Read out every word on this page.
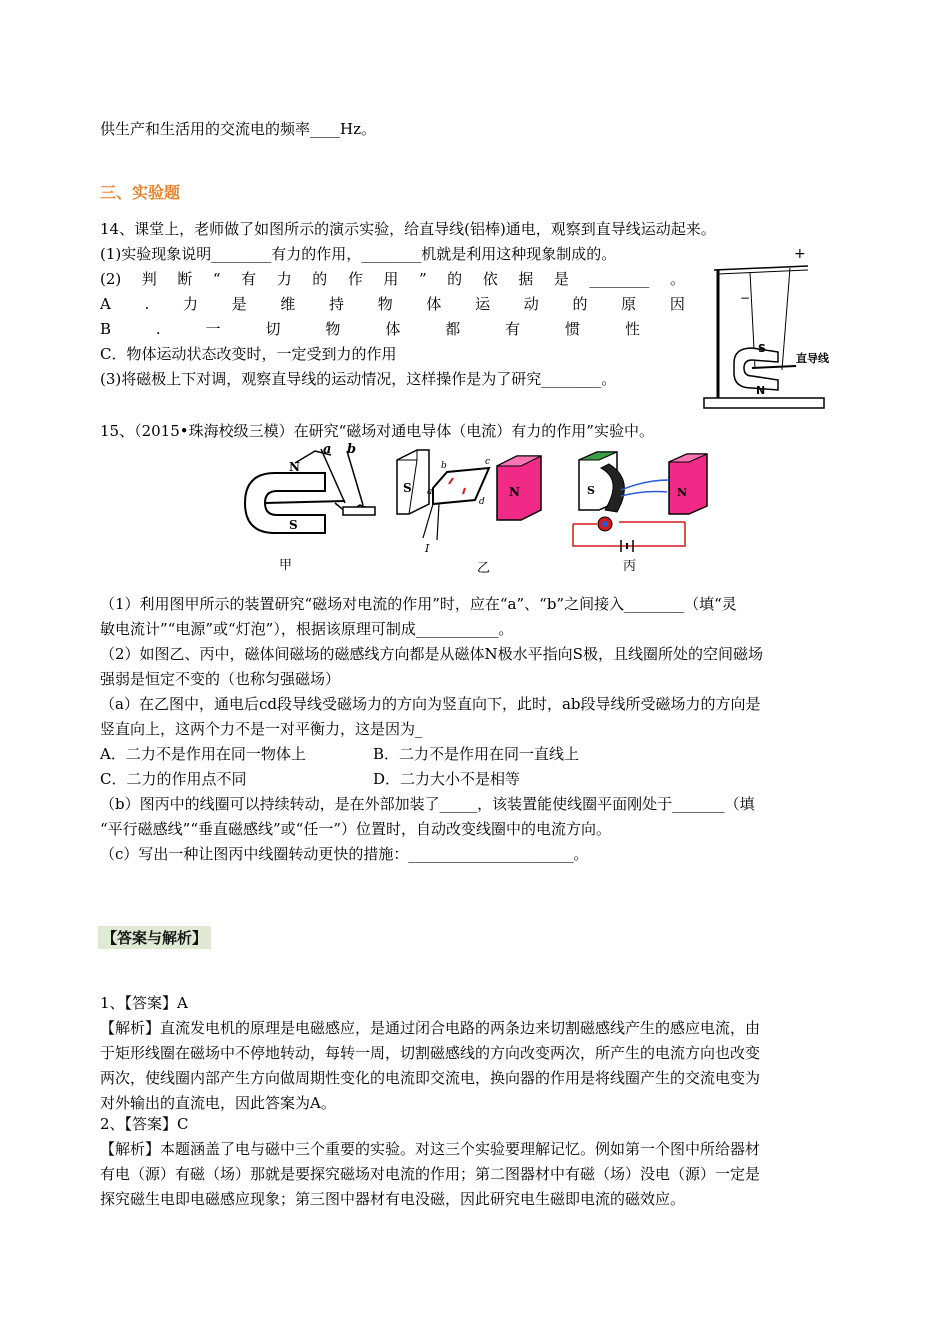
供生产和生活用的交流电的频率____Hz。
三、实验题
14、课堂上，老师做了如图所示的演示实验，给直导线(铝棒)通电，观察到直导线运动起来。
(1)实验现象说明________有力的作用，________机就是利用这种现象制成的。
(2) 判 断 “ 有 力 的 作 用 ” 的 依 据 是 ________ 。
A . 力 是 维 持 物 体 运 动 的 原 因
B	.	一	切	物	体	都	有	惯	性
C．物体运动状态改变时，一定受到力的作用
(3)将磁极上下对调，观察直导线的运动情况，这样操作是为了研究________。
+
−
S
N
直导线
15、（2015•珠海校级三模）在研究“磁场对通电导体（电流）有力的作用”实验中。
N
S
a b
甲
S	N
a
b	c
d
I
乙
S	N
丙
（1）利用图甲所示的装置研究“磁场对电流的作用”时，应在“a”、“b”之间接入________（填“灵
敏电流计”“电源”或“灯泡”），根据该原理可制成___________。
（2）如图乙、丙中，磁体间磁场的磁感线方向都是从磁体N极水平指向S极，且线圈所处的空间磁场
强弱是恒定不变的（也称匀强磁场）
（a）在乙图中，通电后cd段导线受磁场力的方向为竖直向下，此时，ab段导线所受磁场力的方向是
竖直向上，这两个力不是一对平衡力，这是因为_
A．二力不是作用在同一物体上	B．二力不是作用在同一直线上
C．二力的作用点不同	D．二力大小不是相等
（b）图丙中的线圈可以持续转动，是在外部加装了_____，该装置能使线圈平面刚处于_______（填
“平行磁感线”“垂直磁感线”或“任一”）位置时，自动改变线圈中的电流方向。
（c）写出一种让图丙中线圈转动更快的措施：______________________。
【答案与解析】
1、【答案】A
【解析】直流发电机的原理是电磁感应，是通过闭合电路的两条边来切割磁感线产生的感应电流，由
于矩形线圈在磁场中不停地转动，每转一周，切割磁感线的方向改变两次，所产生的电流方向也改变
两次，使线圈内部产生方向做周期性变化的电流即交流电，换向器的作用是将线圈产生的交流电变为
对外输出的直流电，因此答案为A。
2、【答案】C
【解析】本题涵盖了电与磁中三个重要的实验。对这三个实验要理解记忆。例如第一个图中所给器材
有电（源）有磁（场）那就是要探究磁场对电流的作用；第二图器材中有磁（场）没电（源）一定是
探究磁生电即电磁感应现象；第三图中器材有电没磁，因此研究电生磁即电流的磁效应。
